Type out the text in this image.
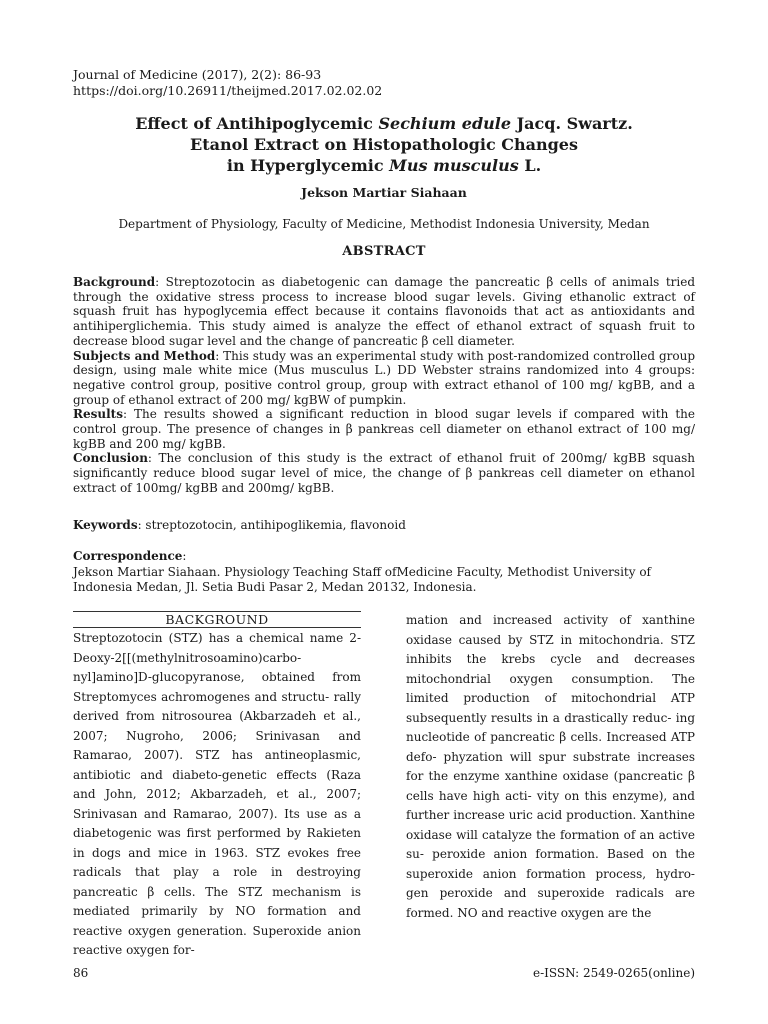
Journal of Medicine (2017), 2(2): 86-93
https://doi.org/10.26911/theijmed.2017.02.02.02
Effect of Antihipoglycemic Sechium edule Jacq. Swartz.
Etanol Extract on Histopathologic Changes
in Hyperglycemic Mus musculus L.
Jekson Martiar Siahaan
Department of Physiology, Faculty of Medicine, Methodist Indonesia University, Medan
ABSTRACT

Background: Streptozotocin as diabetogenic can damage the pancreatic β cells of animals tried through the oxidative stress process to increase blood sugar levels. Giving ethanolic extract of squash fruit has hypoglycemia effect because it contains flavonoids that act as antioxidants and antihiperglichemia. This study aimed is analyze the effect of ethanol extract of squash fruit to decrease blood sugar level and the change of pancreatic β cell diameter.

Subjects and Method: This study was an experimental study with post-randomized controlled group design, using male white mice (Mus musculus L.) DD Webster strains randomized into 4 groups: negative control group, positive control group, group with extract ethanol of 100 mg/ kgBB, and a group of ethanol extract of 200 mg/ kgBW of pumpkin.

Results: The results showed a significant reduction in blood sugar levels if compared with the control group. The presence of changes in β pankreas cell diameter on ethanol extract of 100 mg/ kgBB and 200 mg/ kgBB.

Conclusion: The conclusion of this study is the extract of ethanol fruit of 200mg/ kgBB squash significantly reduce blood sugar level of mice, the change of β pankreas cell diameter on ethanol extract of 100mg/ kgBB and 200mg/ kgBB.

Keywords: streptozotocin, antihipoglikemia, flavonoid
Correspondence:
Jekson Martiar Siahaan. Physiology Teaching Staff ofMedicine Faculty, Methodist University of Indonesia Medan, Jl. Setia Budi Pasar 2, Medan 20132, Indonesia.
BACKGROUND
Streptozotocin (STZ) has a chemical name 2-Deoxy-2[[(methylnitrosoamino)carbo- nyl]amino]D-glucopyranose, obtained from Streptomyces achromogenes and structu- rally derived from nitrosourea (Akbarzadeh et al., 2007; Nugroho, 2006; Srinivasan and Ramarao, 2007). STZ has antineoplasmic, antibiotic and diabeto-genetic effects (Raza and John, 2012; Akbarzadeh, et al., 2007; Srinivasan and Ramarao, 2007). Its use as a diabetogenic was first performed by Rakieten in dogs and mice in 1963. STZ evokes free radicals that play a role in destroying pancreatic β cells. The STZ mechanism is mediated primarily by NO formation and reactive oxygen generation. Superoxide anion reactive oxygen for-
mation and increased activity of xanthine oxidase caused by STZ in mitochondria. STZ inhibits the krebs cycle and decreases mitochondrial oxygen consumption. The limited production of mitochondrial ATP subsequently results in a drastically reduc- ing nucleotide of pancreatic β cells. Increased ATP defo- phyzation will spur substrate increases for the enzyme xanthine oxidase (pancreatic β cells have high acti- vity on this enzyme), and further increase uric acid production. Xanthine oxidase will catalyze the formation of an active su- peroxide anion formation. Based on the superoxide anion formation process, hydro- gen peroxide and superoxide radicals are formed. NO and reactive oxygen are the
86	e-ISSN: 2549-0265(online)
